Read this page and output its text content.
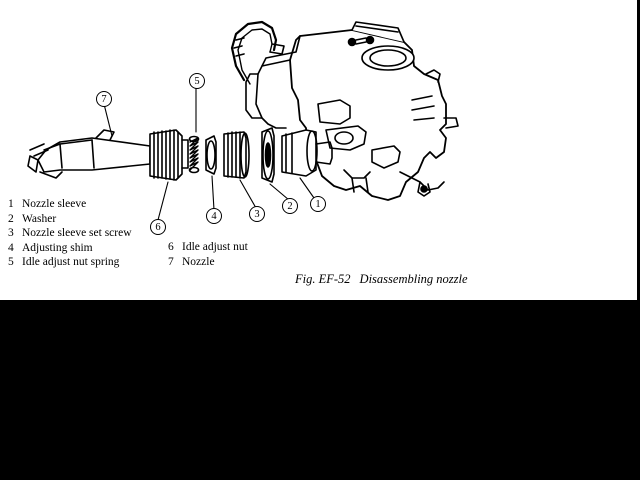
1
2
3
4
5
6
7
1 Nozzle sleeve
2 Washer
3 Nozzle sleeve set screw
4 Adjusting shim
5 Idle adjust nut spring
6 Idle adjust nut
7 Nozzle
Fig. EF-52 Disassembling nozzle
